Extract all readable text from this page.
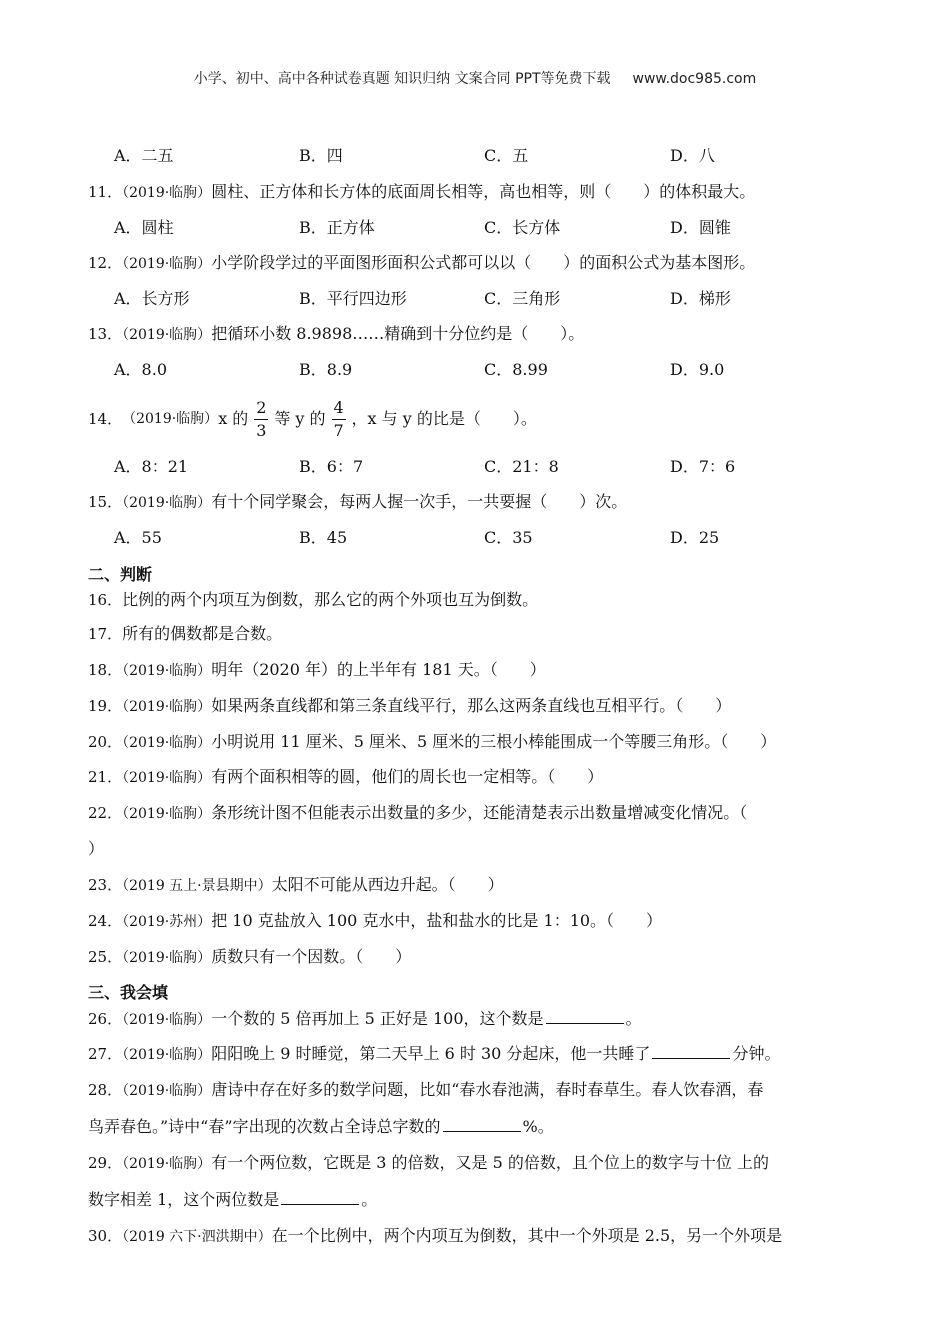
小学、初中、高中各种试卷真题 知识归纳 文案合同 PPT等免费下载 www.doc985.com
A．二五	B．四	C．五	D．八
11．（2019·临朐）圆柱、正方体和长方体的底面周长相等，高也相等，则（　　）的体积最大。
A．圆柱	B．正方体	C．长方体	D．圆锥
12．（2019·临朐）小学阶段学过的平面图形面积公式都可以以（　　）的面积公式为基本图形。
A．长方形	B．平行四边形	C．三角形	D．梯形
13．（2019·临朐）把循环小数 8.9898……精确到十分位约是（　　）。
A．8.0	B．8.9	C．8.99	D．9.0
14． （2019·临朐） x 的 $\frac{2}{3}$ 等 y 的 $\frac{4}{7}$ ，x 与 y 的比是（　　）。
A．8：21	B．6：7	C．21：8	D．7：6
15．（2019·临朐）有十个同学聚会，每两人握一次手，一共要握（　　）次。
A．55	B．45	C．35	D．25
二、判断
16．比例的两个内项互为倒数，那么它的两个外项也互为倒数。
17．所有的偶数都是合数。
18．（2019·临朐）明年（2020 年）的上半年有 181 天。（　　）
19．（2019·临朐）如果两条直线都和第三条直线平行，那么这两条直线也互相平行。（　　）
20．（2019·临朐）小明说用 11 厘米、5 厘米、5 厘米的三根小棒能围成一个等腰三角形。（　　）
21．（2019·临朐）有两个面积相等的圆，他们的周长也一定相等。（　　）
22．（2019·临朐）条形统计图不但能表示出数量的多少，还能清楚表示出数量增减变化情况。（
）
23．（2019 五上·景县期中）太阳不可能从西边升起。（　　）
24．（2019·苏州）把 10 克盐放入 100 克水中，盐和盐水的比是 1：10。（　　）
25．（2019·临朐）质数只有一个因数。（　　）
三、我会填
26．（2019·临朐）一个数的 5 倍再加上 5 正好是 100，这个数是	。
27．（2019·临朐）阳阳晚上 9 时睡觉，第二天早上 6 时 30 分起床，他一共睡了	分钟。
28．（2019·临朐）唐诗中存在好多的数学问题，比如“春水春池满，春时春草生。春人饮春酒，春
鸟弄春色。”诗中“春”字出现的次数占全诗总字数的	%。
29．（2019·临朐）有一个两位数，它既是 3 的倍数，又是 5 的倍数，且个位上的数字与十位 上的
数字相差 1，这个两位数是	。
30．（2019 六下·泗洪期中）在一个比例中，两个内项互为倒数，其中一个外项是 2.5，另一个外项是
